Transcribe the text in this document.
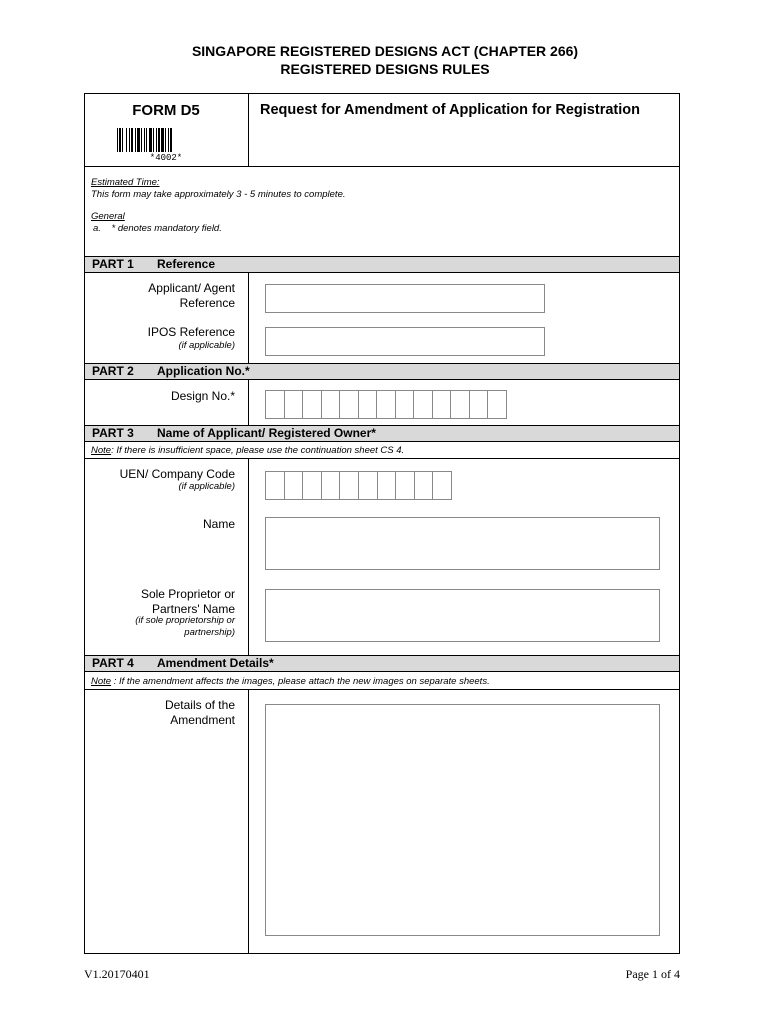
SINGAPORE REGISTERED DESIGNS ACT (CHAPTER 266)
REGISTERED DESIGNS RULES
FORM D5
*4002*
Request for Amendment of Application for Registration
Estimated Time:
This form may take approximately 3 - 5 minutes to complete.
General
a.    * denotes mandatory field.
PART 1 Reference
Applicant/ Agent
Reference
IPOS Reference
(if applicable)
PART 2 Application No.*
Design No.*
PART 3 Name of Applicant/ Registered Owner*
Note: If there is insufficient space, please use the continuation sheet CS 4.
UEN/ Company Code
(if applicable)
Name
Sole Proprietor or
Partners' Name
(if sole proprietorship or
partnership)
PART 4 Amendment Details*
Note : If the amendment affects the images, please attach the new images on separate sheets.
Details of the
Amendment
V1.20170401	Page 1 of 4
